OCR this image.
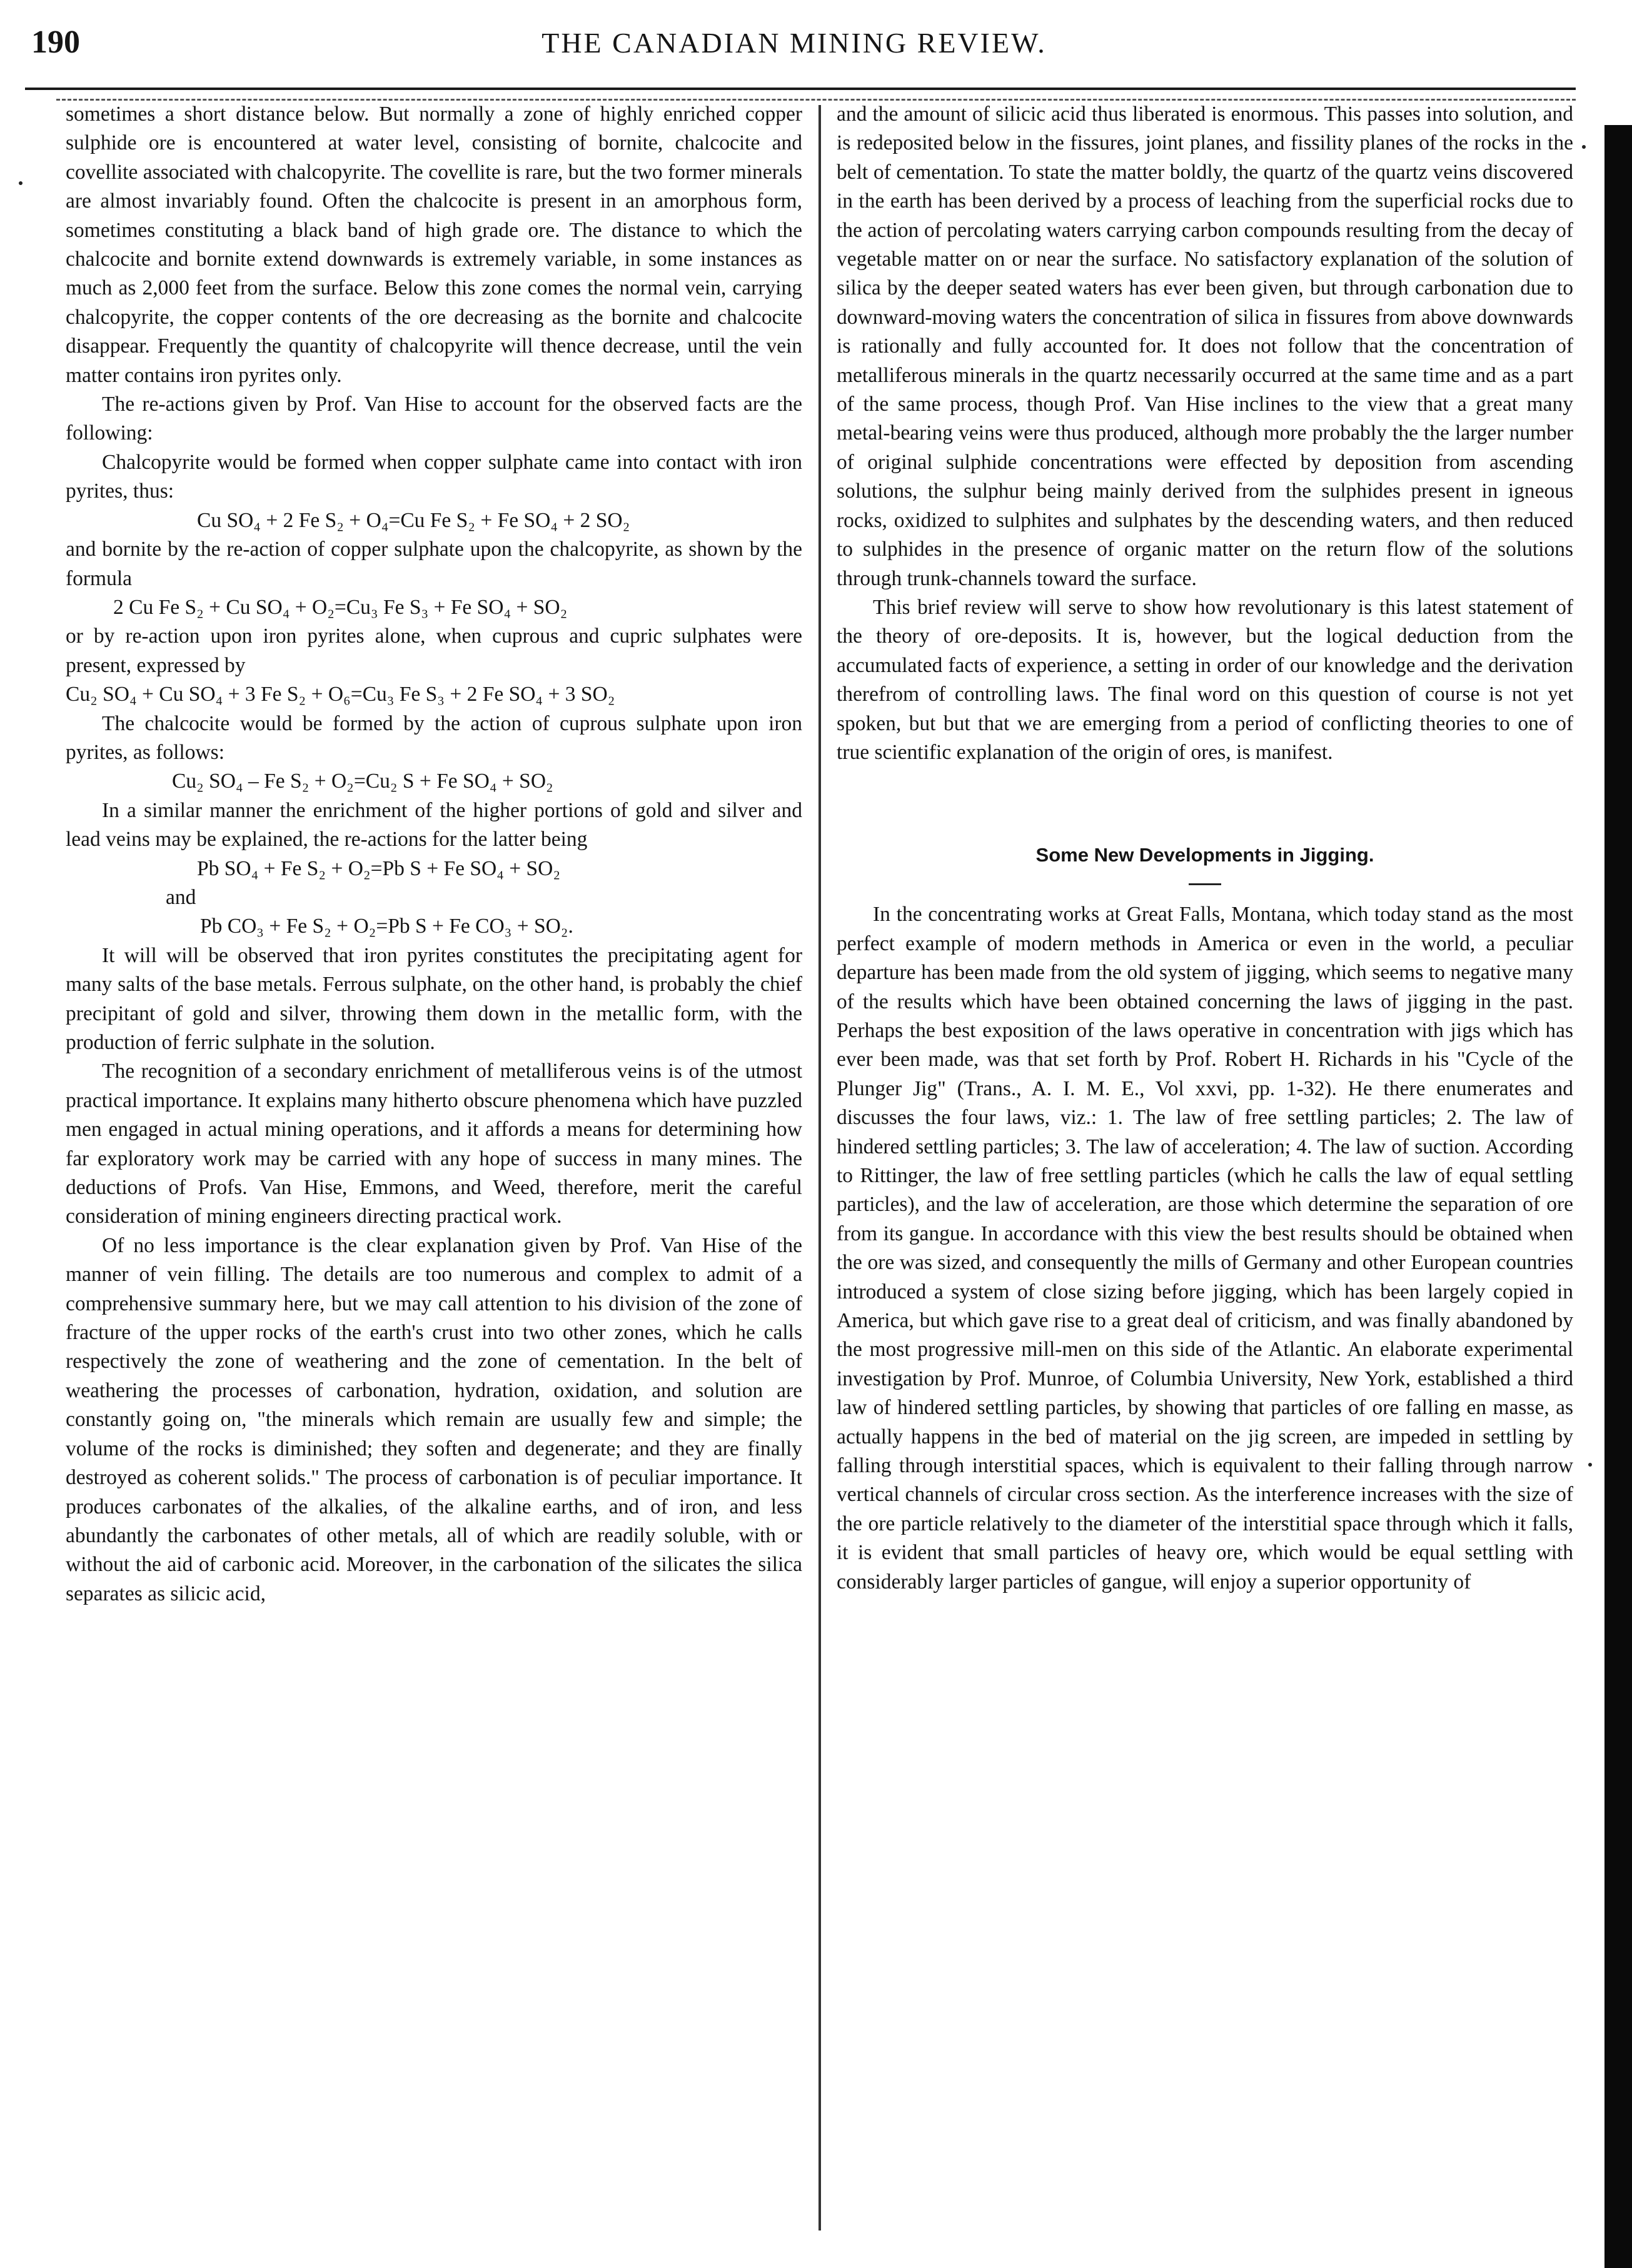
190	THE CANADIAN MINING REVIEW.

sometimes a short distance below. But normally a zone of highly enriched copper sulphide ore is encountered at water level, consisting of bornite, chalcocite and covellite associated with chalcopyrite. The covellite is rare, but the two former minerals are almost invariably found. Often the chalcocite is present in an amorphous form, sometimes constituting a black band of high grade ore. The distance to which the chalcocite and bornite extend downwards is extremely variable, in some instances as much as 2,000 feet from the surface. Below this zone comes the normal vein, carrying chalcopyrite, the copper contents of the ore decreasing as the bornite and chalcocite disappear. Frequently the quantity of chalcopyrite will thence decrease, until the vein matter contains iron pyrites only.

The re-actions given by Prof. Van Hise to account for the observed facts are the following:

Chalcopyrite would be formed when copper sulphate came into contact with iron pyrites, thus:

Cu SO₄ + 2 Fe S₂ + O₄=Cu Fe S₂ + Fe SO₄ + 2 SO₂

and bornite by the re-action of copper sulphate upon the chalcopyrite, as shown by the formula

2 Cu Fe S₂ + Cu SO₄ + O₂=Cu₃ Fe S₃ + Fe SO₄ + SO₂

or by re-action upon iron pyrites alone, when cuprous and cupric sulphates were present, expressed by

Cu₂ SO₄ + Cu SO₄ + 3 Fe S₂ + O₆=Cu₃ Fe S₃ + 2 Fe SO₄ + 3 SO₂

The chalcocite would be formed by the action of cuprous sulphate upon iron pyrites, as follows:

Cu₂ SO₄ – Fe S₂ + O₂=Cu₂ S + Fe SO₄ + SO₂

In a similar manner the enrichment of the higher portions of gold and silver and lead veins may be explained, the re-actions for the latter being

Pb SO₄ + Fe S₂ + O₂=Pb S + Fe SO₄ + SO₂
and
Pb CO₃ + Fe S₂ + O₂=Pb S + Fe CO₃ + SO₂.

It will will be observed that iron pyrites constitutes the precipitating agent for many salts of the base metals. Ferrous sulphate, on the other hand, is probably the chief precipitant of gold and silver, throwing them down in the metallic form, with the production of ferric sulphate in the solution.

The recognition of a secondary enrichment of metalliferous veins is of the utmost practical importance. It explains many hitherto obscure phenomena which have puzzled men engaged in actual mining operations, and it affords a means for determining how far exploratory work may be carried with any hope of success in many mines. The deductions of Profs. Van Hise, Emmons, and Weed, therefore, merit the careful consideration of mining engineers directing practical work.

Of no less importance is the clear explanation given by Prof. Van Hise of the manner of vein filling. The details are too numerous and complex to admit of a comprehensive summary here, but we may call attention to his division of the zone of fracture of the upper rocks of the earth's crust into two other zones, which he calls respectively the zone of weathering and the zone of cementation. In the belt of weathering the processes of carbonation, hydration, oxidation, and solution are constantly going on, "the minerals which remain are usually few and simple; the volume of the rocks is diminished; they soften and degenerate; and they are finally destroyed as coherent solids." The process of carbonation is of peculiar importance. It produces carbonates of the alkalies, of the alkaline earths, and of iron, and less abundantly the carbonates of other metals, all of which are readily soluble, with or without the aid of carbonic acid. Moreover, in the carbonation of the silicates the silica separates as silicic acid,

and the amount of silicic acid thus liberated is enormous. This passes into solution, and is redeposited below in the fissures, joint planes, and fissility planes of the rocks in the belt of cementation. To state the matter boldly, the quartz of the quartz veins discovered in the earth has been derived by a process of leaching from the superficial rocks due to the action of percolating waters carrying carbon compounds resulting from the decay of vegetable matter on or near the surface. No satisfactory explanation of the solution of silica by the deeper seated waters has ever been given, but through carbonation due to downward-moving waters the concentration of silica in fissures from above downwards is rationally and fully accounted for. It does not follow that the concentration of metalliferous minerals in the quartz necessarily occurred at the same time and as a part of the same process, though Prof. Van Hise inclines to the view that a great many metal-bearing veins were thus produced, although more probably the the larger number of original sulphide concentrations were effected by deposition from ascending solutions, the sulphur being mainly derived from the sulphides present in igneous rocks, oxidized to sulphites and sulphates by the descending waters, and then reduced to sulphides in the presence of organic matter on the return flow of the solutions through trunk-channels toward the surface.

This brief review will serve to show how revolutionary is this latest statement of the theory of ore-deposits. It is, however, but the logical deduction from the accumulated facts of experience, a setting in order of our knowledge and the derivation therefrom of controlling laws. The final word on this question of course is not yet spoken, but but that we are emerging from a period of conflicting theories to one of true scientific explanation of the origin of ores, is manifest.

Some New Developments in Jigging.

In the concentrating works at Great Falls, Montana, which today stand as the most perfect example of modern methods in America or even in the world, a peculiar departure has been made from the old system of jigging, which seems to negative many of the results which have been obtained concerning the laws of jigging in the past. Perhaps the best exposition of the laws operative in concentration with jigs which has ever been made, was that set forth by Prof. Robert H. Richards in his "Cycle of the Plunger Jig" (Trans., A. I. M. E., Vol xxvi, pp. 1-32). He there enumerates and discusses the four laws, viz.: 1. The law of free settling particles; 2. The law of hindered settling particles; 3. The law of acceleration; 4. The law of suction. According to Rittinger, the law of free settling particles (which he calls the law of equal settling particles), and the law of acceleration, are those which determine the separation of ore from its gangue. In accordance with this view the best results should be obtained when the ore was sized, and consequently the mills of Germany and other European countries introduced a system of close sizing before jigging, which has been largely copied in America, but which gave rise to a great deal of criticism, and was finally abandoned by the most progressive mill-men on this side of the Atlantic. An elaborate experimental investigation by Prof. Munroe, of Columbia University, New York, established a third law of hindered settling particles, by showing that particles of ore falling en masse, as actually happens in the bed of material on the jig screen, are impeded in settling by falling through interstitial spaces, which is equivalent to their falling through narrow vertical channels of circular cross section. As the interference increases with the size of the ore particle relatively to the diameter of the interstitial space through which it falls, it is evident that small particles of heavy ore, which would be equal settling with considerably larger particles of gangue, will enjoy a superior opportunity of
